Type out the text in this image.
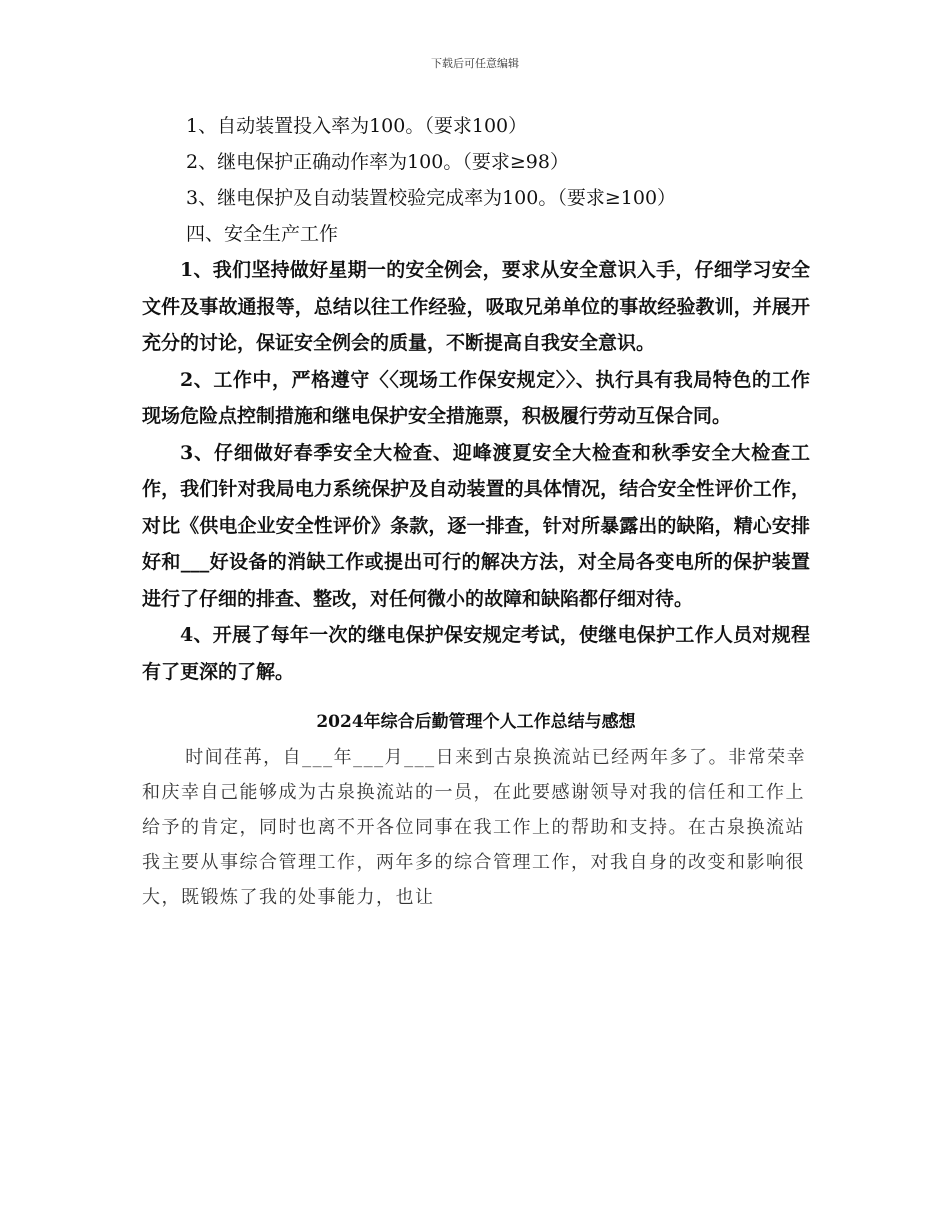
下载后可任意编辑
1、自动装置投入率为100。（要求100）
2、继电保护正确动作率为100。（要求≥98）
3、继电保护及自动装置校验完成率为100。（要求≥100）
四、安全生产工作

1、我们坚持做好星期一的安全例会，要求从安全意识入手，仔细学习安全文件及事故通报等，总结以往工作经验，吸取兄弟单位的事故经验教训，并展开充分的讨论，保证安全例会的质量，不断提高自我安全意识。

2、工作中，严格遵守〈〈现场工作保安规定〉〉、执行具有我局特色的工作现场危险点控制措施和继电保护安全措施票，积极履行劳动互保合同。

3、仔细做好春季安全大检查、迎峰渡夏安全大检查和秋季安全大检查工作，我们针对我局电力系统保护及自动装置的具体情况，结合安全性评价工作，对比《供电企业安全性评价》条款，逐一排查，针对所暴露出的缺陷，精心安排好和___好设备的消缺工作或提出可行的解决方法，对全局各变电所的保护装置进行了仔细的排查、整改，对任何微小的故障和缺陷都仔细对待。

4、开展了每年一次的继电保护保安规定考试，使继电保护工作人员对规程有了更深的了解。

2024年综合后勤管理个人工作总结与感想

时间荏苒，自___年___月___日来到古泉换流站已经两年多了。非常荣幸和庆幸自己能够成为古泉换流站的一员，在此要感谢领导对我的信任和工作上给予的肯定，同时也离不开各位同事在我工作上的帮助和支持。在古泉换流站我主要从事综合管理工作，两年多的综合管理工作，对我自身的改变和影响很大，既锻炼了我的处事能力，也让
